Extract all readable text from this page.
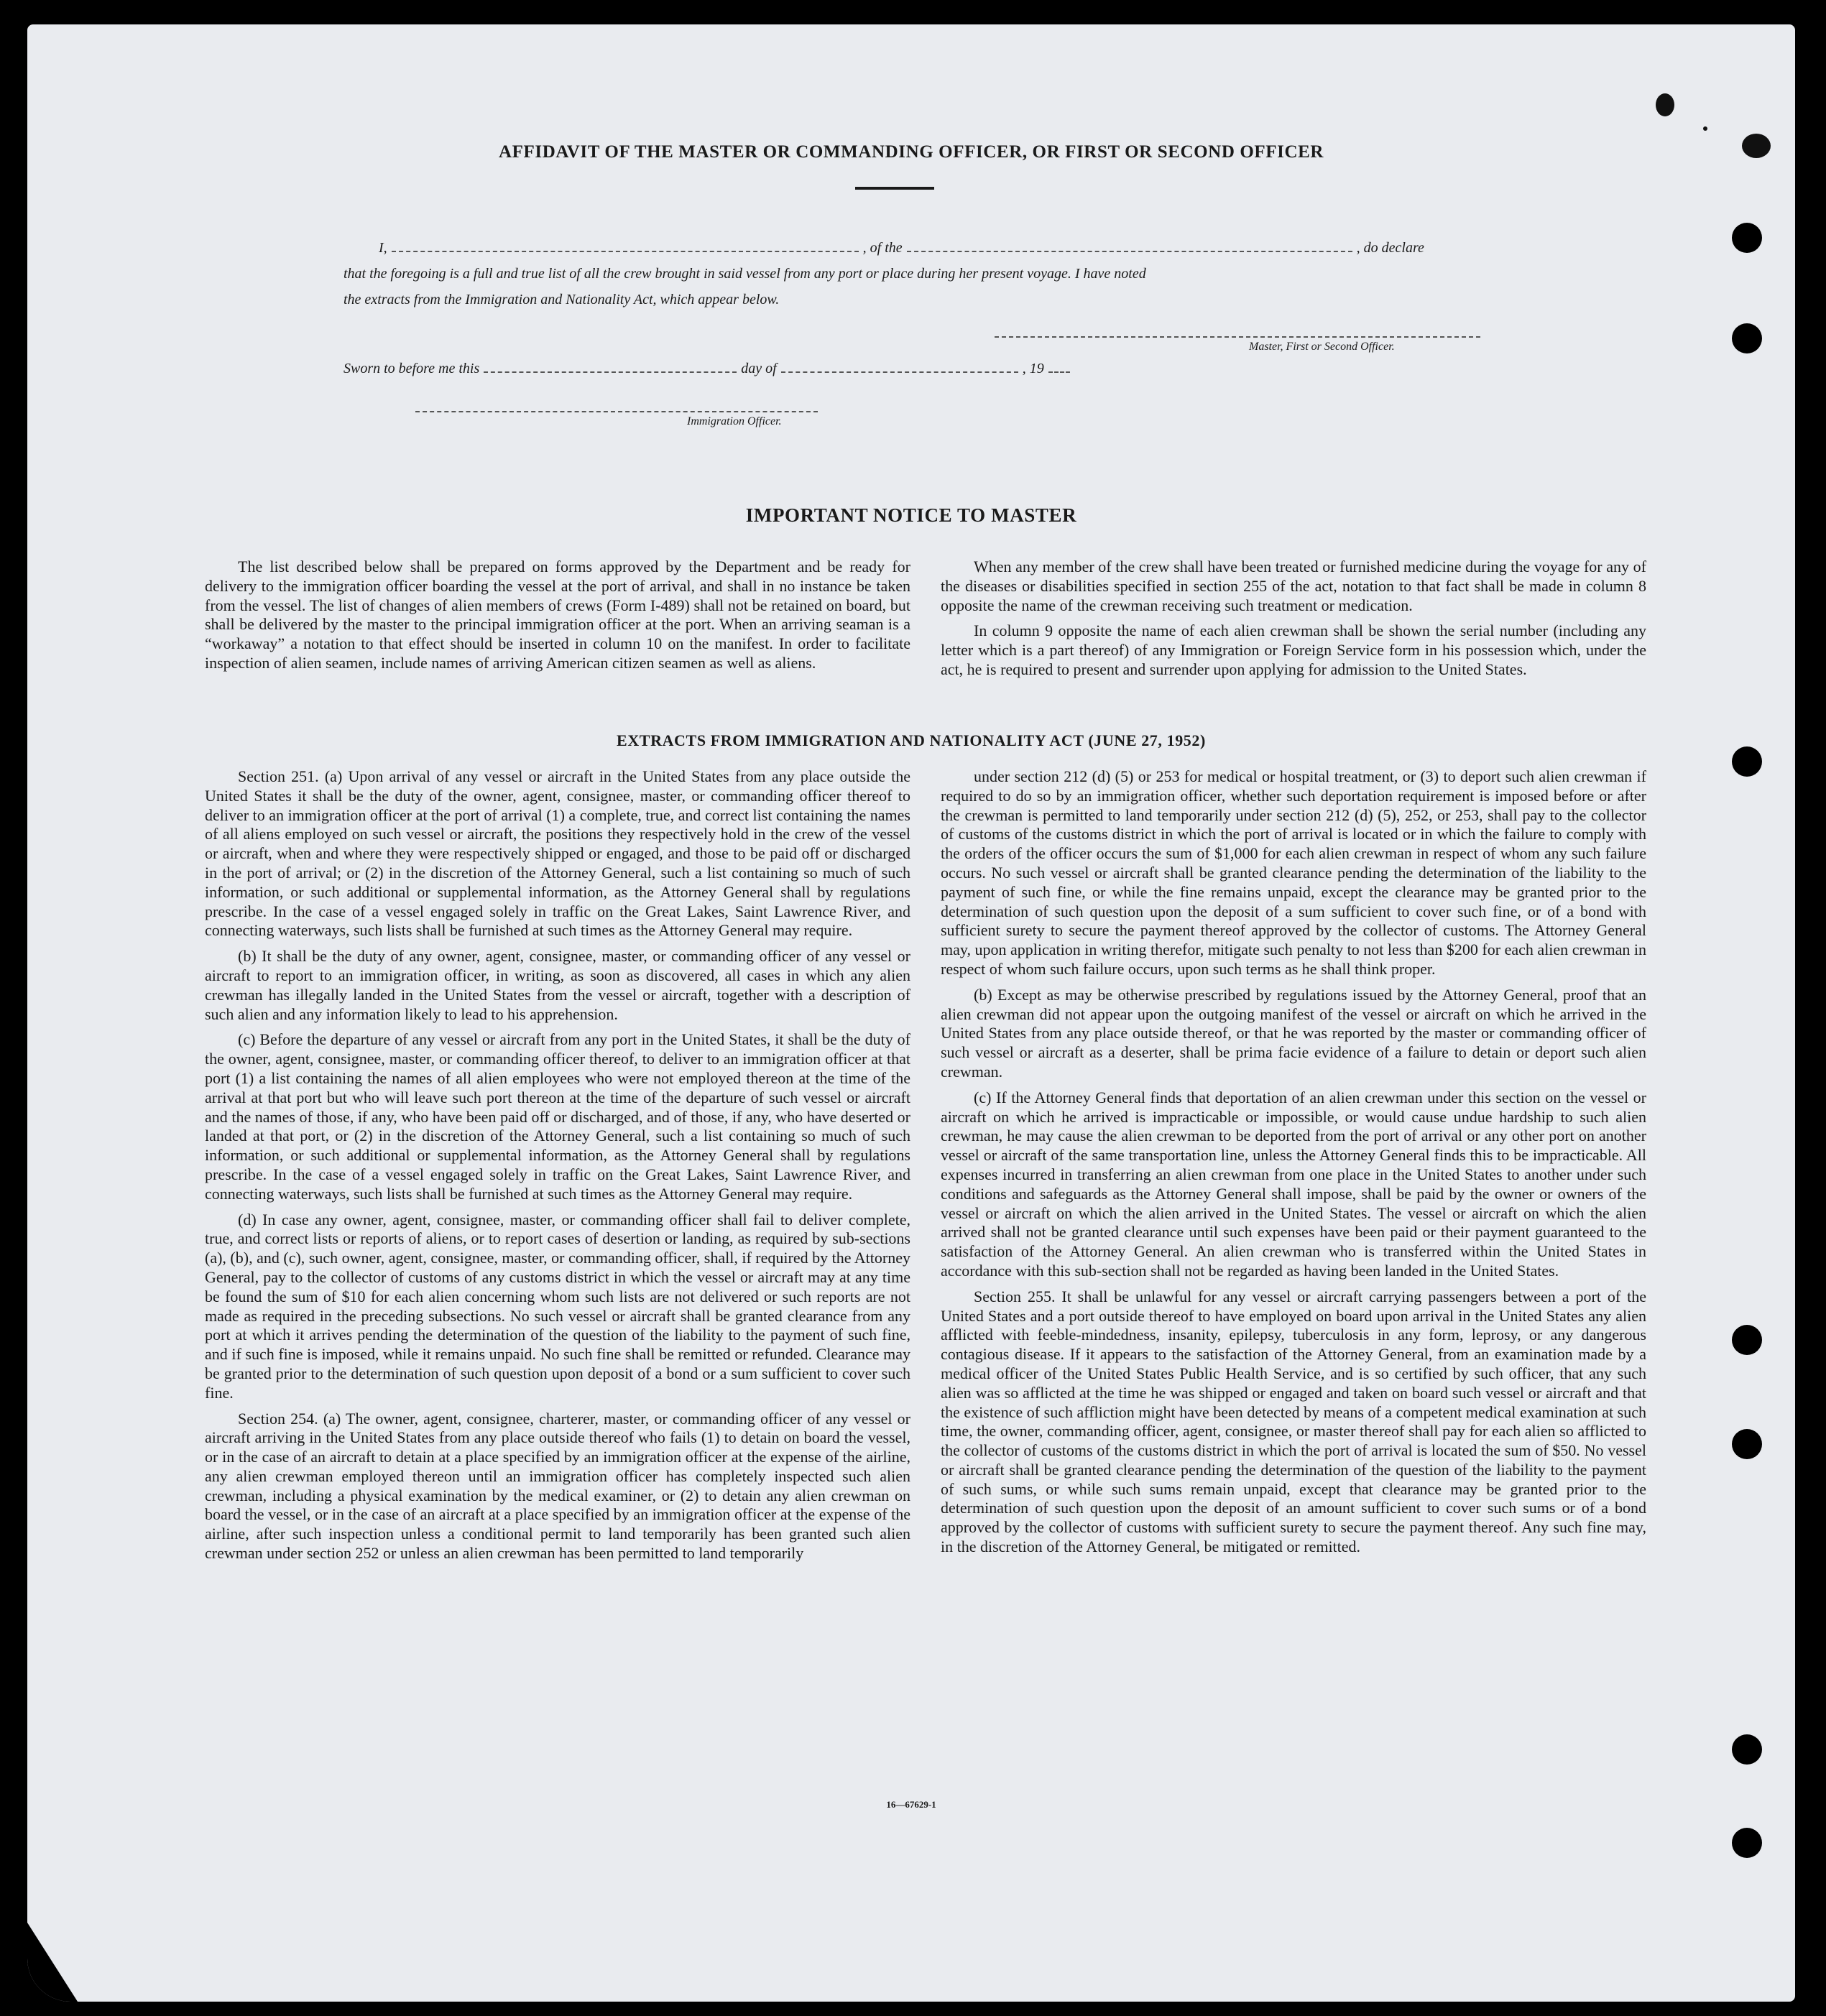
AFFIDAVIT OF THE MASTER OR COMMANDING OFFICER, OR FIRST OR SECOND OFFICER
I,	, of the	, do declare
that the foregoing is a full and true list of all the crew brought in said vessel from any port or place during her present voyage. I have noted
the extracts from the Immigration and Nationality Act, which appear below.
Master, First or Second Officer.
Sworn to before me this	day of	, 19
Immigration Officer.
IMPORTANT NOTICE TO MASTER

The list described below shall be prepared on forms approved by the Department and be ready for delivery to the immigration officer boarding the vessel at the port of arrival, and shall in no instance be taken from the vessel. The list of changes of alien members of crews (Form I-489) shall not be retained on board, but shall be delivered by the master to the principal immigration officer at the port. When an arriving seaman is a “workaway” a notation to that effect should be inserted in column 10 on the manifest. In order to facilitate inspection of alien seamen, include names of arriving American citizen seamen as well as aliens.

When any member of the crew shall have been treated or furnished medicine during the voyage for any of the diseases or disabilities specified in section 255 of the act, notation to that fact shall be made in column 8 opposite the name of the crewman receiving such treatment or medication.

In column 9 opposite the name of each alien crewman shall be shown the serial number (including any letter which is a part thereof) of any Immigration or Foreign Service form in his possession which, under the act, he is required to present and surrender upon applying for admission to the United States.

EXTRACTS FROM IMMIGRATION AND NATIONALITY ACT (JUNE 27, 1952)

Section 251. (a) Upon arrival of any vessel or aircraft in the United States from any place outside the United States it shall be the duty of the owner, agent, consignee, master, or commanding officer thereof to deliver to an immigration officer at the port of arrival (1) a complete, true, and correct list containing the names of all aliens employed on such vessel or aircraft, the positions they respectively hold in the crew of the vessel or aircraft, when and where they were respectively shipped or engaged, and those to be paid off or discharged in the port of arrival; or (2) in the discretion of the Attorney General, such a list containing so much of such information, or such additional or supplemental information, as the Attorney General shall by regulations prescribe. In the case of a vessel engaged solely in traffic on the Great Lakes, Saint Lawrence River, and connecting waterways, such lists shall be furnished at such times as the Attorney General may require.

(b) It shall be the duty of any owner, agent, consignee, master, or commanding officer of any vessel or aircraft to report to an immigration officer, in writing, as soon as discovered, all cases in which any alien crewman has illegally landed in the United States from the vessel or aircraft, together with a description of such alien and any information likely to lead to his apprehension.

(c) Before the departure of any vessel or aircraft from any port in the United States, it shall be the duty of the owner, agent, consignee, master, or commanding officer thereof, to deliver to an immigration officer at that port (1) a list containing the names of all alien employees who were not employed thereon at the time of the arrival at that port but who will leave such port thereon at the time of the departure of such vessel or aircraft and the names of those, if any, who have been paid off or discharged, and of those, if any, who have deserted or landed at that port, or (2) in the discretion of the Attorney General, such a list containing so much of such information, or such additional or supplemental information, as the Attorney General shall by regulations prescribe. In the case of a vessel engaged solely in traffic on the Great Lakes, Saint Lawrence River, and connecting waterways, such lists shall be furnished at such times as the Attorney General may require.

(d) In case any owner, agent, consignee, master, or commanding officer shall fail to deliver complete, true, and correct lists or reports of aliens, or to report cases of desertion or landing, as required by sub-sections (a), (b), and (c), such owner, agent, consignee, master, or commanding officer, shall, if required by the Attorney General, pay to the collector of customs of any customs district in which the vessel or aircraft may at any time be found the sum of $10 for each alien concerning whom such lists are not delivered or such reports are not made as required in the preceding subsections. No such vessel or aircraft shall be granted clearance from any port at which it arrives pending the determination of the question of the liability to the payment of such fine, and if such fine is imposed, while it remains unpaid. No such fine shall be remitted or refunded. Clearance may be granted prior to the determination of such question upon deposit of a bond or a sum sufficient to cover such fine.

Section 254. (a) The owner, agent, consignee, charterer, master, or commanding officer of any vessel or aircraft arriving in the United States from any place outside thereof who fails (1) to detain on board the vessel, or in the case of an aircraft to detain at a place specified by an immigration officer at the expense of the airline, any alien crewman employed thereon until an immigration officer has completely inspected such alien crewman, including a physical examination by the medical examiner, or (2) to detain any alien crewman on board the vessel, or in the case of an aircraft at a place specified by an immigration officer at the expense of the airline, after such inspection unless a conditional permit to land temporarily has been granted such alien crewman under section 252 or unless an alien crewman has been permitted to land temporarily

under section 212 (d) (5) or 253 for medical or hospital treatment, or (3) to deport such alien crewman if required to do so by an immigration officer, whether such deportation requirement is imposed before or after the crewman is permitted to land temporarily under section 212 (d) (5), 252, or 253, shall pay to the collector of customs of the customs district in which the port of arrival is located or in which the failure to comply with the orders of the officer occurs the sum of $1,000 for each alien crewman in respect of whom any such failure occurs. No such vessel or aircraft shall be granted clearance pending the determination of the liability to the payment of such fine, or while the fine remains unpaid, except the clearance may be granted prior to the determination of such question upon the deposit of a sum sufficient to cover such fine, or of a bond with sufficient surety to secure the payment thereof approved by the collector of customs. The Attorney General may, upon application in writing therefor, mitigate such penalty to not less than $200 for each alien crewman in respect of whom such failure occurs, upon such terms as he shall think proper.

(b) Except as may be otherwise prescribed by regulations issued by the Attorney General, proof that an alien crewman did not appear upon the outgoing manifest of the vessel or aircraft on which he arrived in the United States from any place outside thereof, or that he was reported by the master or commanding officer of such vessel or aircraft as a deserter, shall be prima facie evidence of a failure to detain or deport such alien crewman.

(c) If the Attorney General finds that deportation of an alien crewman under this section on the vessel or aircraft on which he arrived is impracticable or impossible, or would cause undue hardship to such alien crewman, he may cause the alien crewman to be deported from the port of arrival or any other port on another vessel or aircraft of the same transportation line, unless the Attorney General finds this to be impracticable. All expenses incurred in transferring an alien crewman from one place in the United States to another under such conditions and safeguards as the Attorney General shall impose, shall be paid by the owner or owners of the vessel or aircraft on which the alien arrived in the United States. The vessel or aircraft on which the alien arrived shall not be granted clearance until such expenses have been paid or their payment guaranteed to the satisfaction of the Attorney General. An alien crewman who is transferred within the United States in accordance with this sub-section shall not be regarded as having been landed in the United States.

Section 255. It shall be unlawful for any vessel or aircraft carrying passengers between a port of the United States and a port outside thereof to have employed on board upon arrival in the United States any alien afflicted with feeble-mindedness, insanity, epilepsy, tuberculosis in any form, leprosy, or any dangerous contagious disease. If it appears to the satisfaction of the Attorney General, from an examination made by a medical officer of the United States Public Health Service, and is so certified by such officer, that any such alien was so afflicted at the time he was shipped or engaged and taken on board such vessel or aircraft and that the existence of such affliction might have been detected by means of a competent medical examination at such time, the owner, commanding officer, agent, consignee, or master thereof shall pay for each alien so afflicted to the collector of customs of the customs district in which the port of arrival is located the sum of $50. No vessel or aircraft shall be granted clearance pending the determination of the question of the liability to the payment of such sums, or while such sums remain unpaid, except that clearance may be granted prior to the determination of such question upon the deposit of an amount sufficient to cover such sums or of a bond approved by the collector of customs with sufficient surety to secure the payment thereof. Any such fine may, in the discretion of the Attorney General, be mitigated or remitted.

16—67629-1
